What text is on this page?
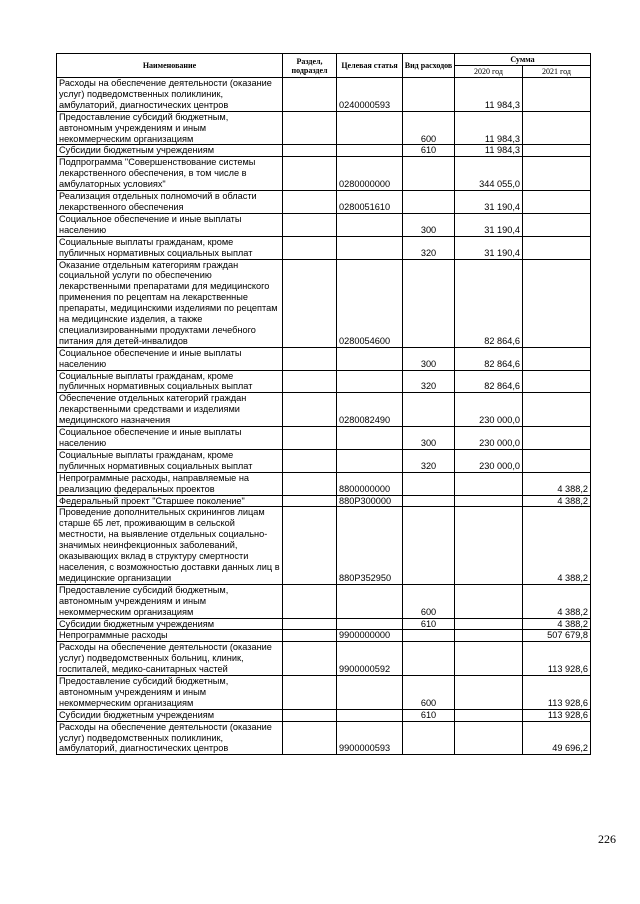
Наименование	Раздел, подраздел	Целевая статья	Вид расходов	Сумма	
				2020 год	2021 год
Расходы на обеспечение деятельности (оказание услуг) подведомственных поликлиник, амбулаторий, диагностических центров		0240000593		11 984,3	
Предоставление субсидий бюджетным, автономным учреждениям и иным некоммерческим организациям			600	11 984,3	
Субсидии бюджетным учреждениям			610	11 984,3	
Подпрограмма "Совершенствование системы лекарственного обеспечения, в том числе в амбулаторных условиях"		0280000000		344 055,0	
Реализация отдельных полномочий в области лекарственного обеспечения		0280051610		31 190,4	
Социальное обеспечение и иные выплаты населению			300	31 190,4	
Социальные выплаты гражданам, кроме публичных нормативных социальных выплат			320	31 190,4	
Оказание отдельным категориям граждан социальной услуги по обеспечению лекарственными препаратами для медицинского применения по рецептам на лекарственные препараты, медицинскими изделиями по рецептам на медицинские изделия, а также специализированными продуктами лечебного питания для детей-инвалидов		0280054600		82 864,6	
Социальное обеспечение и иные выплаты населению			300	82 864,6	
Социальные выплаты гражданам, кроме публичных нормативных социальных выплат			320	82 864,6	
Обеспечение отдельных категорий граждан лекарственными средствами и изделиями медицинского назначения		0280082490		230 000,0	
Социальное обеспечение и иные выплаты населению			300	230 000,0	
Социальные выплаты гражданам, кроме публичных нормативных социальных выплат			320	230 000,0	
Непрограммные расходы, направляемые на реализацию федеральных проектов		8800000000			4 388,2
Федеральный проект "Старшее поколение"		880P300000			4 388,2
Проведение дополнительных скринингов лицам старше 65 лет, проживающим в сельской местности, на выявление отдельных социально-значимых неинфекционных заболеваний, оказывающих вклад в структуру смертности населения, с возможностью доставки данных лиц в медицинские организации		880P352950			4 388,2
Предоставление субсидий бюджетным, автономным учреждениям и иным некоммерческим организациям			600		4 388,2
Субсидии бюджетным учреждениям			610		4 388,2
Непрограммные расходы		9900000000			507 679,8
Расходы на обеспечение деятельности (оказание услуг) подведомственных больниц, клиник, госпиталей, медико-санитарных частей		9900000592			113 928,6
Предоставление субсидий бюджетным, автономным учреждениям и иным некоммерческим организациям			600		113 928,6
Субсидии бюджетным учреждениям			610		113 928,6
Расходы на обеспечение деятельности (оказание услуг) подведомственных поликлиник, амбулаторий, диагностических центров		9900000593			49 696,2
226
